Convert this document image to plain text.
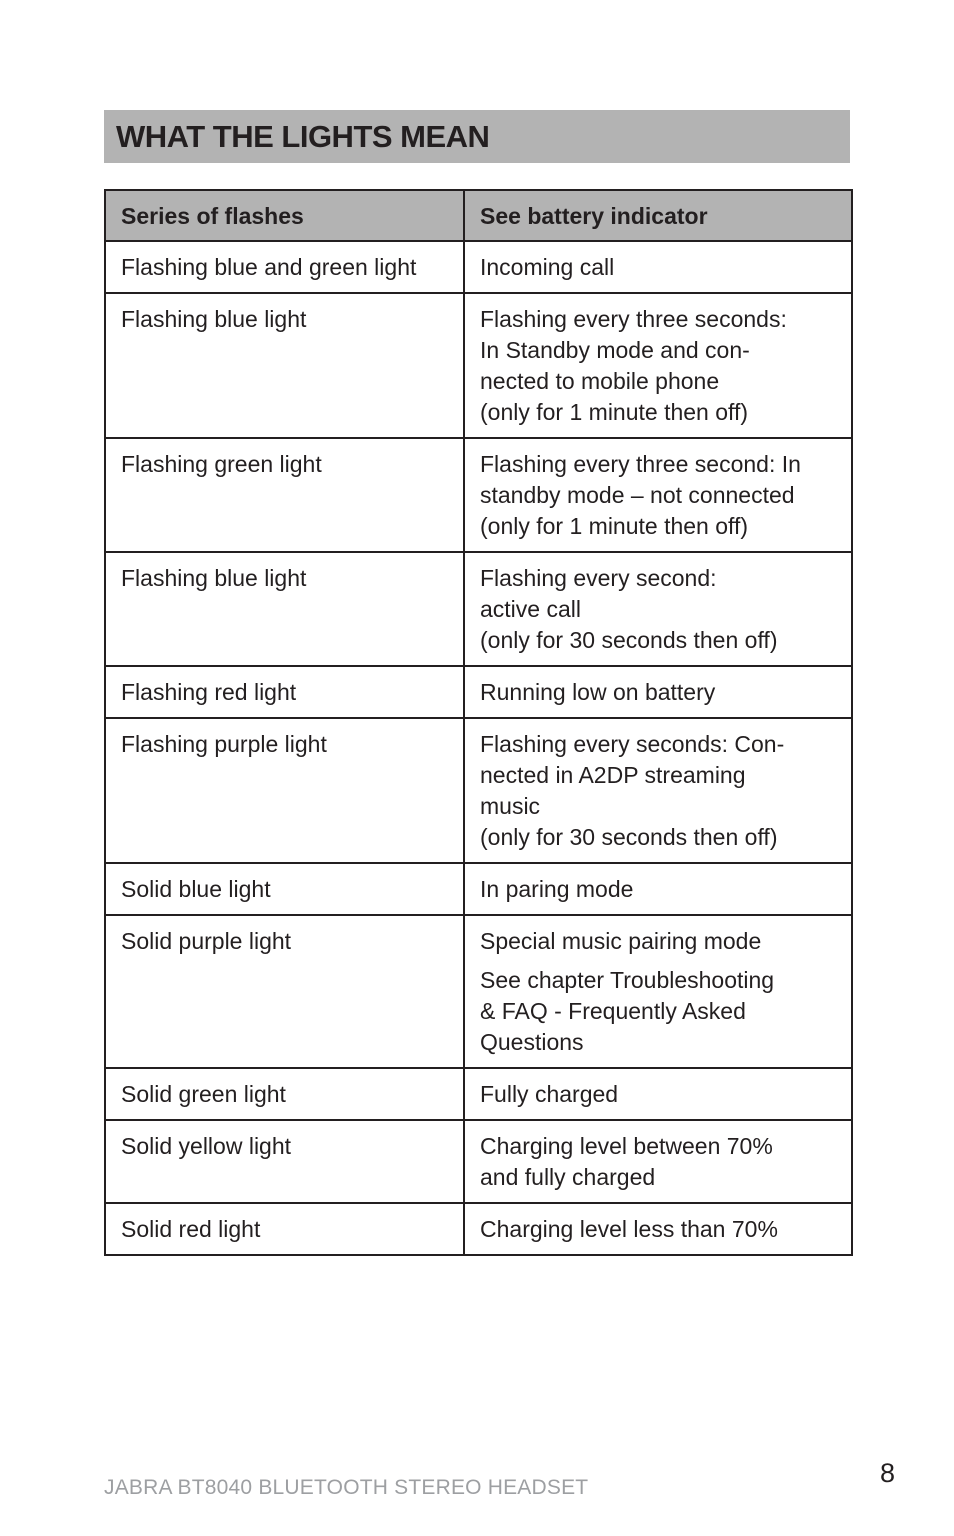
WHAT THE LIGHTS MEAN
Series of flashes	See battery indicator
Flashing blue and green light	Incoming call

Flashing blue light	Flashing every three seconds:
In Standby mode and con-
nected to mobile phone
(only for 1 minute then off)

Flashing green light	Flashing every three second: In
standby mode – not connected
(only for 1 minute then off)

Flashing blue light	Flashing every second:
active call
(only for 30 seconds then off)

Flashing red light	Running low on battery

Flashing purple light	Flashing every seconds: Con-
nected in A2DP streaming
music
(only for 30 seconds then off)

Solid blue light	In paring mode

Solid purple light	Special music pairing mode
See chapter Troubleshooting
& FAQ - Frequently Asked
Questions

Solid green light	Fully charged

Solid yellow light	Charging level between 70%
and fully charged

Solid red light	Charging level less than 70%
JABRA BT8040 BLUETOOTH STEREO HEADSET	8
